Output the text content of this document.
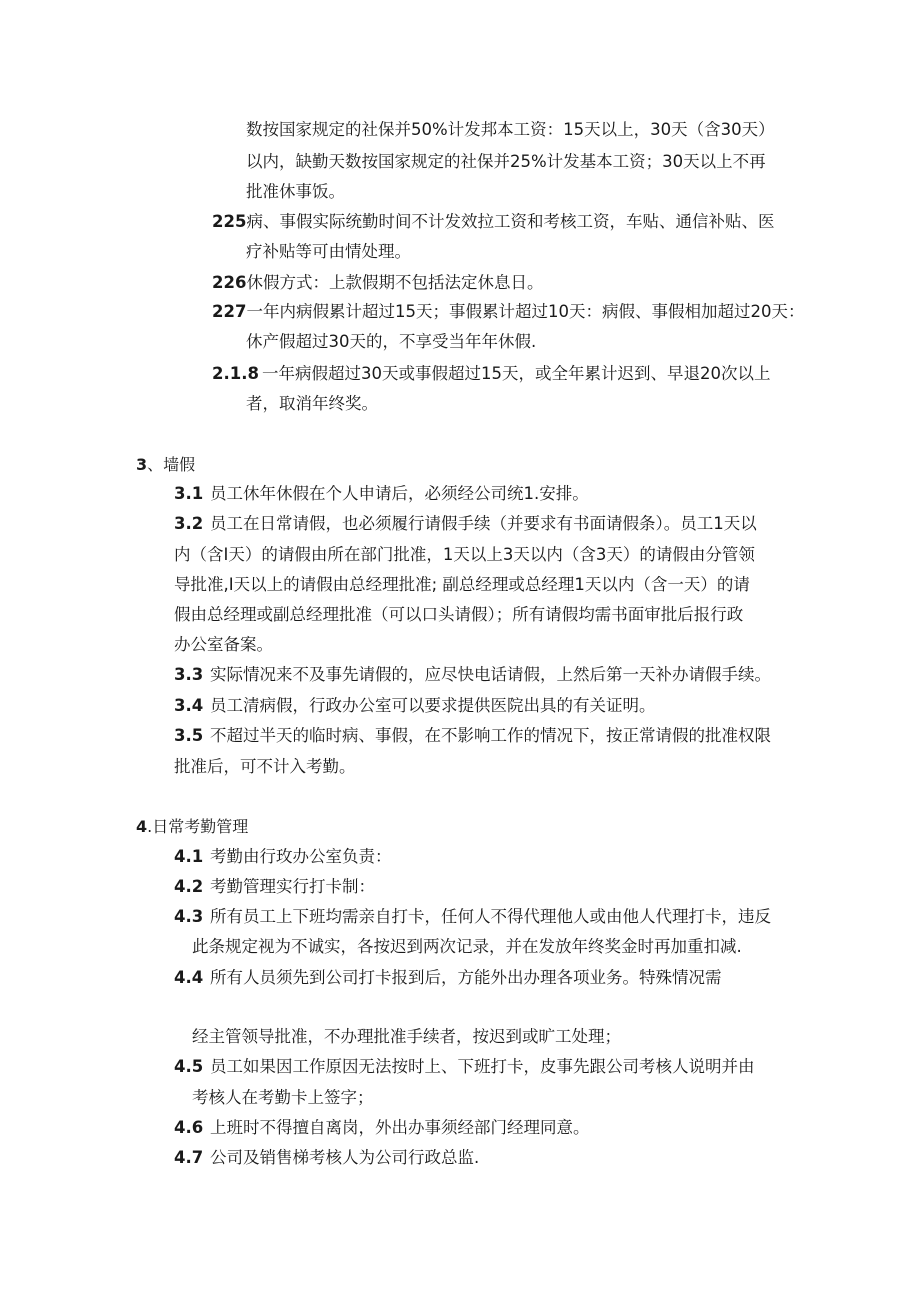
数按国家规定的社保并50%计发邦本工资：15天以上，30天（含30天）
以内，缺勤天数按国家规定的社保并25%计发基本工资；30天以上不再
批准休事饭。
225病、事假实际统勤时间不计发效拉工资和考核工资，车贴、通信补贴、医
疗补贴等可由情处理。
226休假方式：上款假期不包括法定休息日。
227一年内病假累计超过15天；事假累计超过10天：病假、事假相加超过20天：
休产假超过30天的，不享受当年年休假.
2.1.8 一年病假超过30天或事假超过15天，或全年累计迟到、早退20次以上
者，取消年终奖。
3、墙假
3.1 员工休年休假在个人申请后，必须经公司统1.安排。
3.2 员工在日常请假，也必须履行请假手续（并要求有书面请假条）。员工1天以
内（含I天）的请假由所在部门批准，1天以上3天以内（含3天）的请假由分管领
导批准,I天以上的请假由总经理批准; 副总经理或总经理1天以内（含一天）的请
假由总经理或副总经理批准（可以口头请假）；所有请假均需书面审批后报行政
办公室备案。
3.3 实际情况来不及事先请假的，应尽快电话请假，上然后第一天补办请假手续。
3.4 员工清病假，行政办公室可以要求提供医院出具的有关证明。
3.5 不超过半天的临时病、事假，在不影响工作的情况下，按正常请假的批准权限
批准后，可不计入考勤。
4.日常考勤管理
4.1 考勤由行玫办公室负责：
4.2 考勤管理实行打卡制：
4.3 所有员工上下班均需亲自打卡，任何人不得代理他人或由他人代理打卡，违反
此条规定视为不诚实，各按迟到两次记录，并在发放年终奖金时再加重扣减.
4.4 所有人员须先到公司打卡报到后，方能外出办理各项业务。特殊情况需
经主管领导批准，不办理批准手续者，按迟到或旷工处理；
4.5 员工如果因工作原因无法按时上、下班打卡，皮事先跟公司考核人说明并由
考核人在考勤卡上签字；
4.6 上班时不得擅自离岗，外出办事须经部门经理同意。
4.7 公司及销售梯考核人为公司行政总监.
